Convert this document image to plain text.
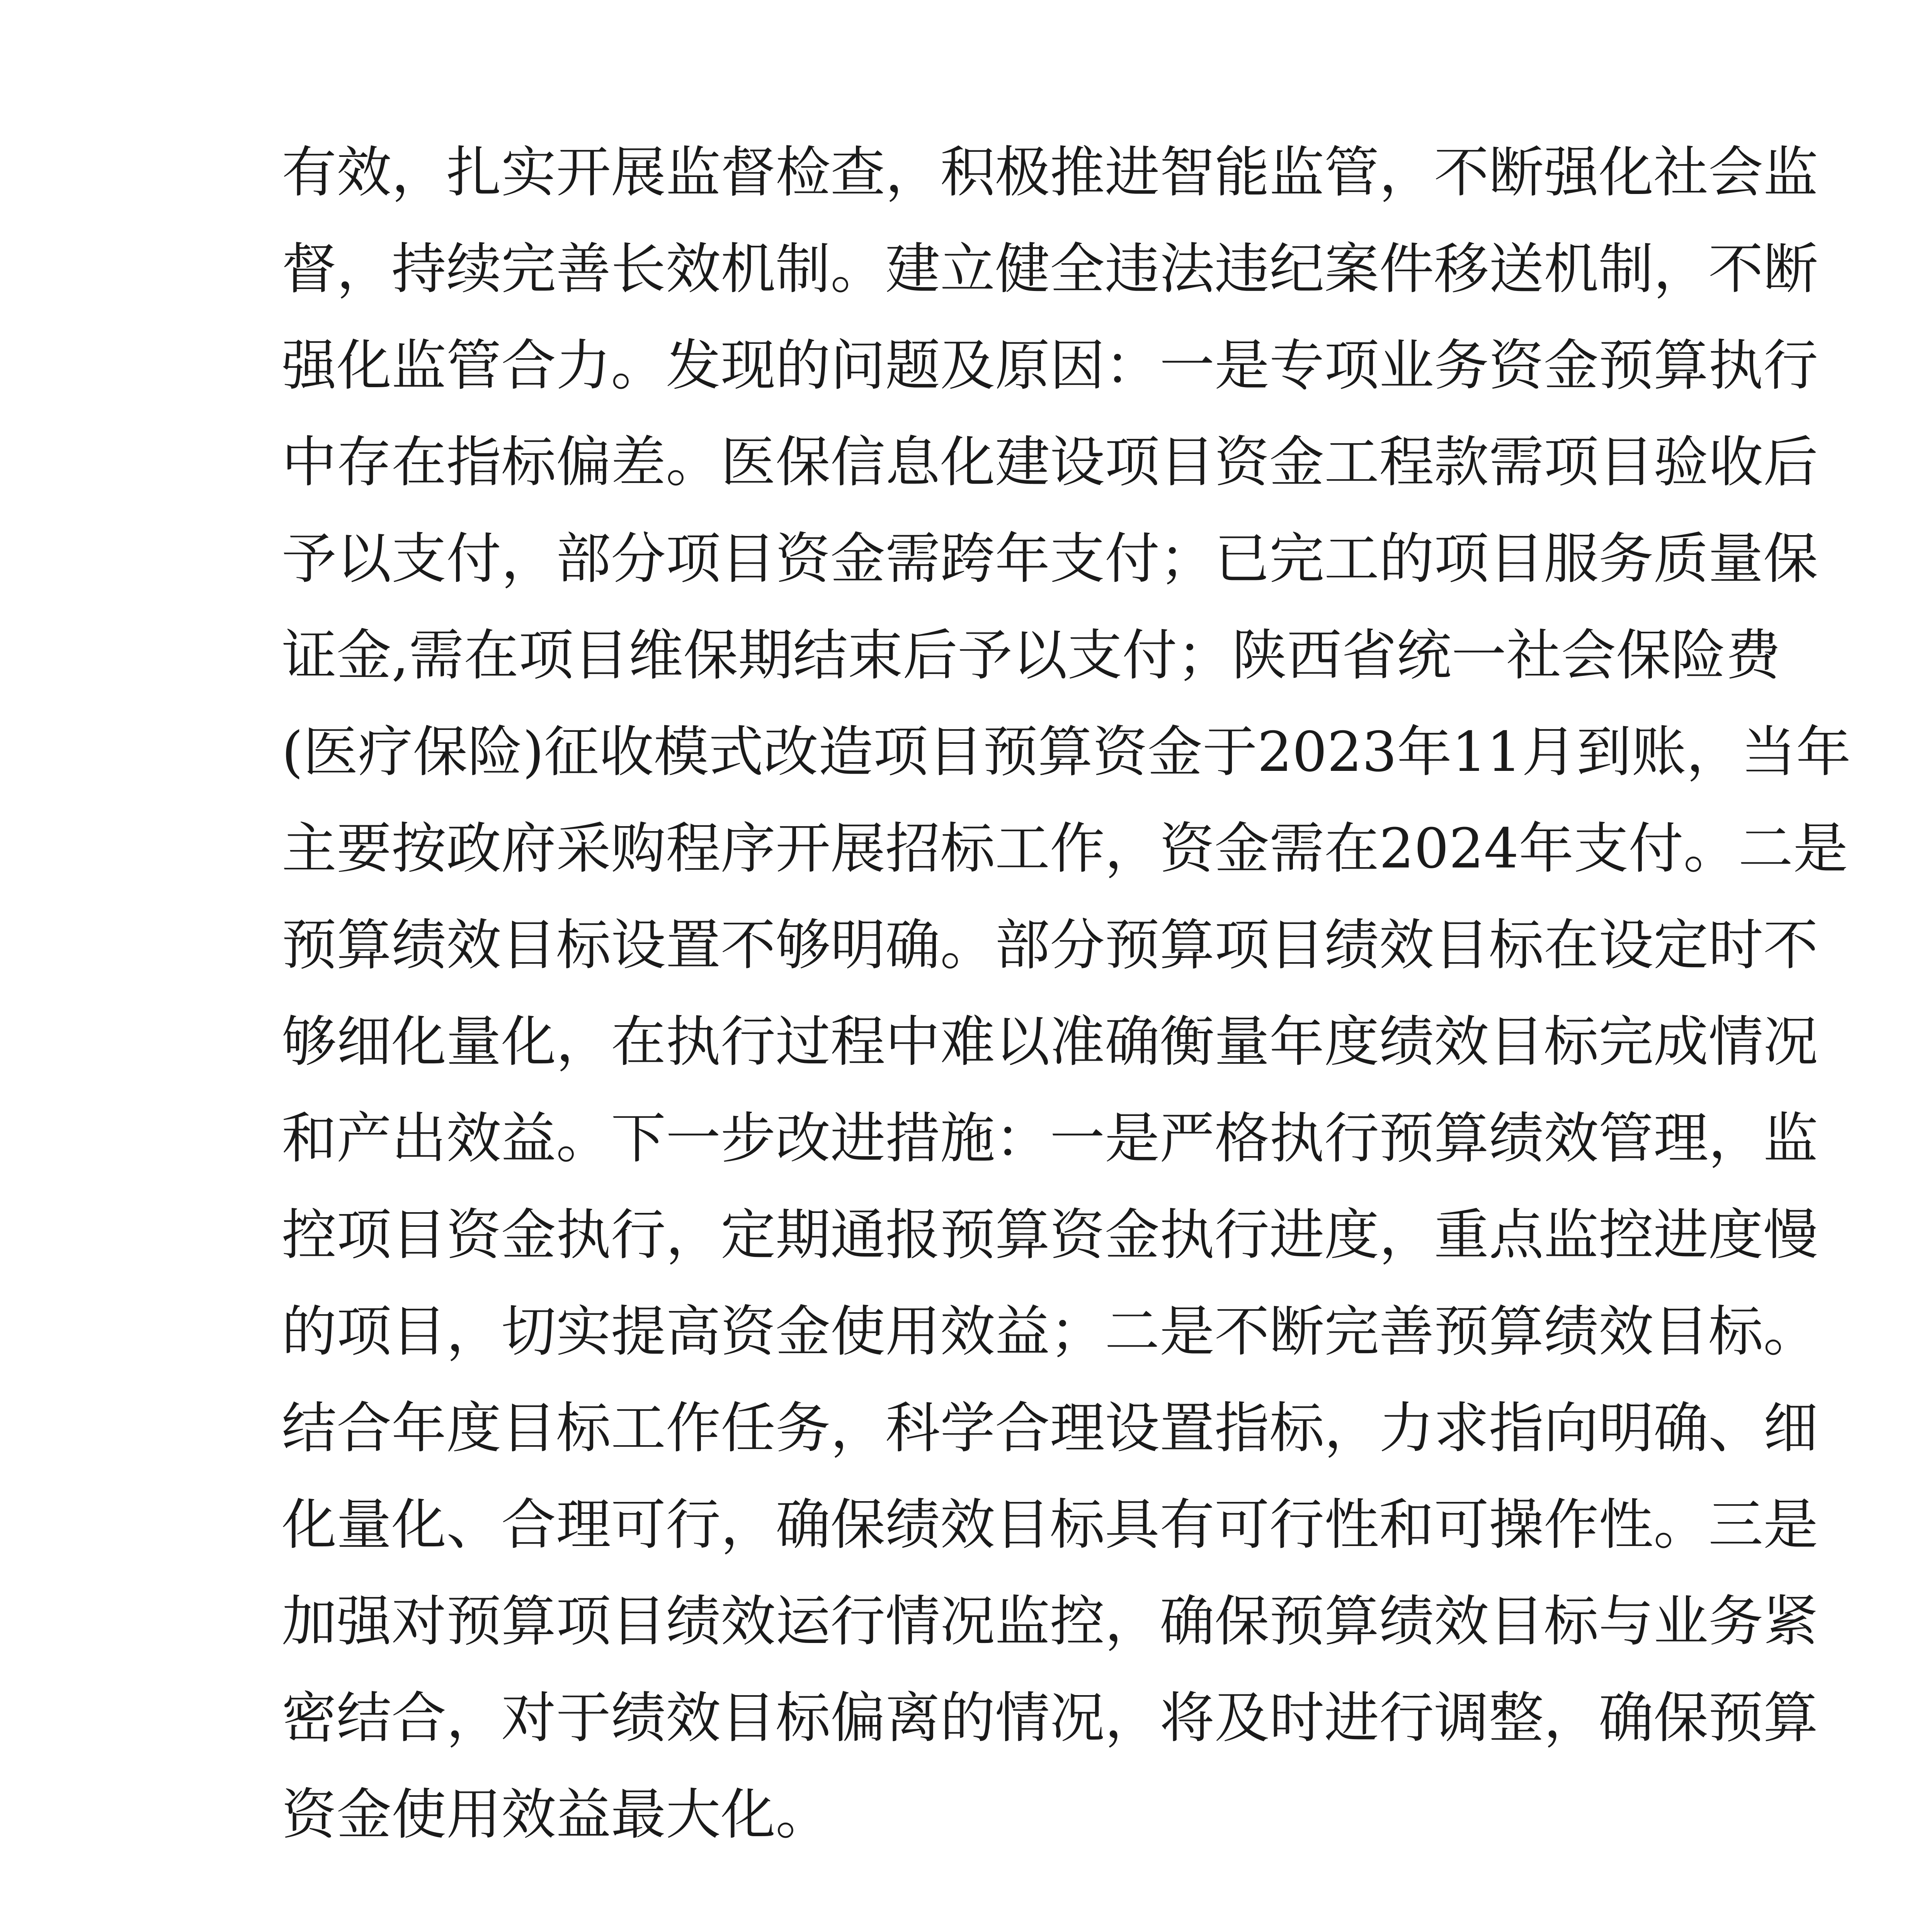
有效，扎实开展监督检查，积极推进智能监管，不断强化社会监
督，持续完善长效机制。建立健全违法违纪案件移送机制，不断
强化监管合力。发现的问题及原因：一是专项业务资金预算执行
中存在指标偏差。医保信息化建设项目资金工程款需项目验收后
予以支付，部分项目资金需跨年支付；已完工的项目服务质量保
证金,需在项目维保期结束后予以支付；陕西省统一社会保险费
(医疗保险)征收模式改造项目预算资金于2023年11月到账，当年
主要按政府采购程序开展招标工作，资金需在2024年支付。二是
预算绩效目标设置不够明确。部分预算项目绩效目标在设定时不
够细化量化，在执行过程中难以准确衡量年度绩效目标完成情况
和产出效益。下一步改进措施：一是严格执行预算绩效管理，监
控项目资金执行，定期通报预算资金执行进度，重点监控进度慢
的项目，切实提高资金使用效益；二是不断完善预算绩效目标。
结合年度目标工作任务，科学合理设置指标，力求指向明确、细
化量化、合理可行，确保绩效目标具有可行性和可操作性。三是
加强对预算项目绩效运行情况监控，确保预算绩效目标与业务紧
密结合，对于绩效目标偏离的情况，将及时进行调整，确保预算
资金使用效益最大化。
